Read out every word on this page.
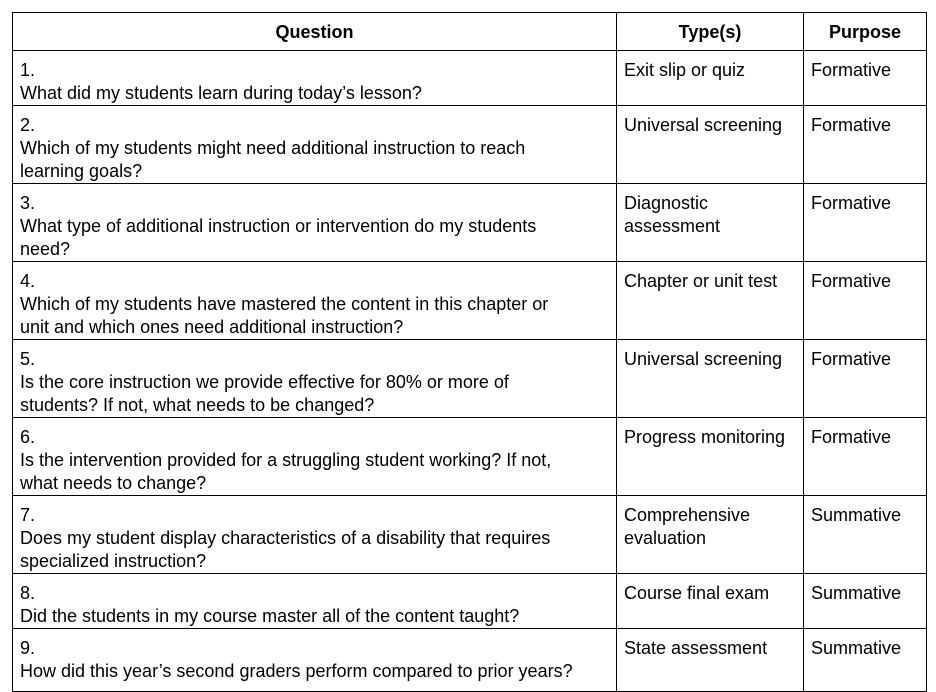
Question	Type(s)	Purpose
1.What did my students learn during today’s lesson?	Exit slip or quiz	Formative
2.Which of my students might need additional instruction to reach learning goals?	Universal screening	Formative
3.What type of additional instruction or intervention do my students need?	Diagnostic assessment	Formative
4.Which of my students have mastered the content in this chapter or unit and which ones need additional instruction?	Chapter or unit test	Formative
5.Is the core instruction we provide effective for 80% or more of students? If not, what needs to be changed?	Universal screening	Formative
6.Is the intervention provided for a struggling student working? If not, what needs to change?	Progress monitoring	Formative
7.Does my student display characteristics of a disability that requires specialized instruction?	Comprehensive evaluation	Summative
8.Did the students in my course master all of the content taught?	Course final exam	Summative
9.How did this year’s second graders perform compared to prior years?	State assessment	Summative
